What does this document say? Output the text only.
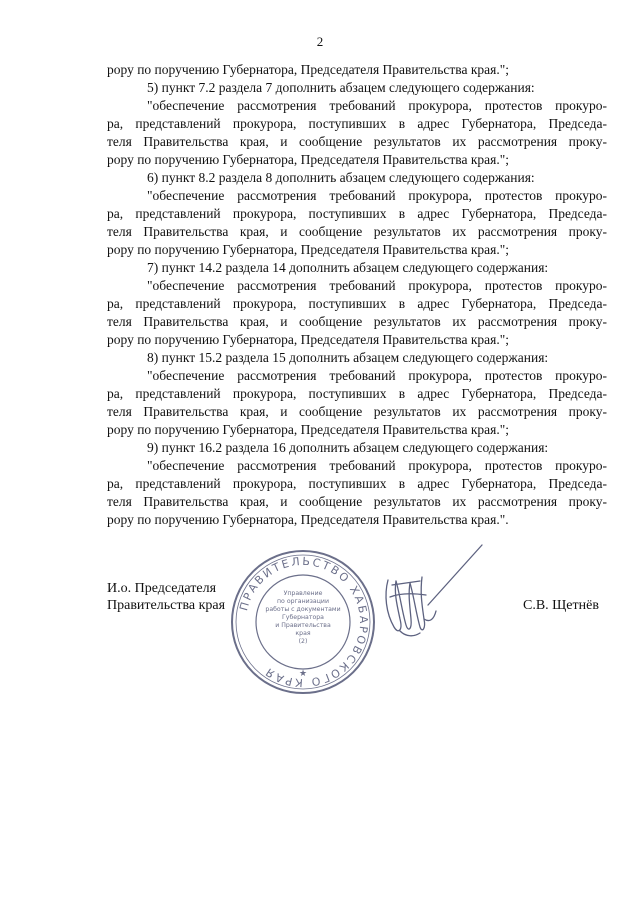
2
рору по поручению Губернатора, Председателя Правительства края.";
5) пункт 7.2 раздела 7 дополнить абзацем следующего содержания:
"обеспечение рассмотрения требований прокурора, протестов прокуро-
ра, представлений прокурора, поступивших в адрес Губернатора, Председа-
теля Правительства края, и сообщение результатов их рассмотрения проку-
рору по поручению Губернатора, Председателя Правительства края.";
6) пункт 8.2 раздела 8 дополнить абзацем следующего содержания:
"обеспечение рассмотрения требований прокурора, протестов прокуро-
ра, представлений прокурора, поступивших в адрес Губернатора, Председа-
теля Правительства края, и сообщение результатов их рассмотрения проку-
рору по поручению Губернатора, Председателя Правительства края.";
7) пункт 14.2 раздела 14 дополнить абзацем следующего содержания:
"обеспечение рассмотрения требований прокурора, протестов прокуро-
ра, представлений прокурора, поступивших в адрес Губернатора, Председа-
теля Правительства края, и сообщение результатов их рассмотрения проку-
рору по поручению Губернатора, Председателя Правительства края.";
8) пункт 15.2 раздела 15 дополнить абзацем следующего содержания:
"обеспечение рассмотрения требований прокурора, протестов прокуро-
ра, представлений прокурора, поступивших в адрес Губернатора, Председа-
теля Правительства края, и сообщение результатов их рассмотрения проку-
рору по поручению Губернатора, Председателя Правительства края.";
9) пункт 16.2 раздела 16 дополнить абзацем следующего содержания:
"обеспечение рассмотрения требований прокурора, протестов прокуро-
ра, представлений прокурора, поступивших в адрес Губернатора, Председа-
теля Правительства края, и сообщение результатов их рассмотрения проку-
рору по поручению Губернатора, Председателя Правительства края.".
И.о. Председателя
Правительства края ПРАВИТЕЛЬСТВО ХАБАРОВСКОГО КРАЯ	★
Управление
по организации
работы с документами
Губернатора
и Правительства
края
(2)
С.В. Щетнёв
